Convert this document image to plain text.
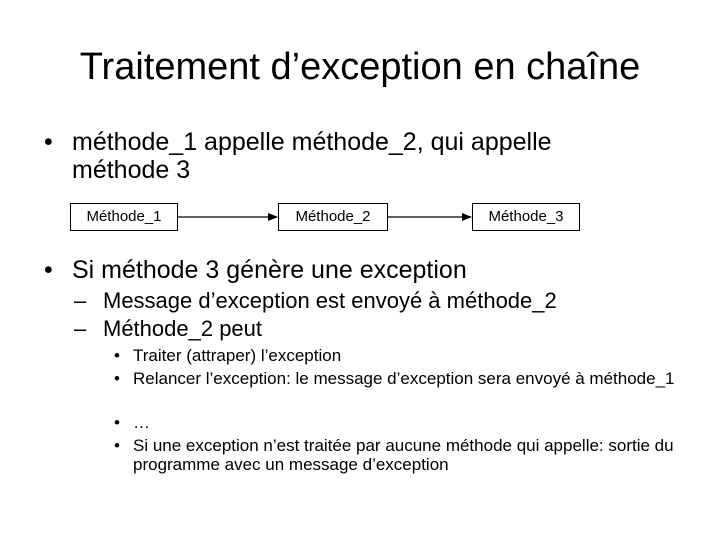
Traitement d’exception en chaîne
• méthode_1 appelle méthode_2, qui appelle méthode 3
Méthode_1	Méthode_2	Méthode_3
• Si méthode 3 génère une exception
– Message d’exception est envoyé à méthode_2
– Méthode_2 peut
• Traiter (attraper) l’exception
• Relancer l’exception: le message d’exception sera envoyé à méthode_1
• …
• Si une exception n’est traitée par aucune méthode qui appelle: sortie du programme avec un message d’exception
